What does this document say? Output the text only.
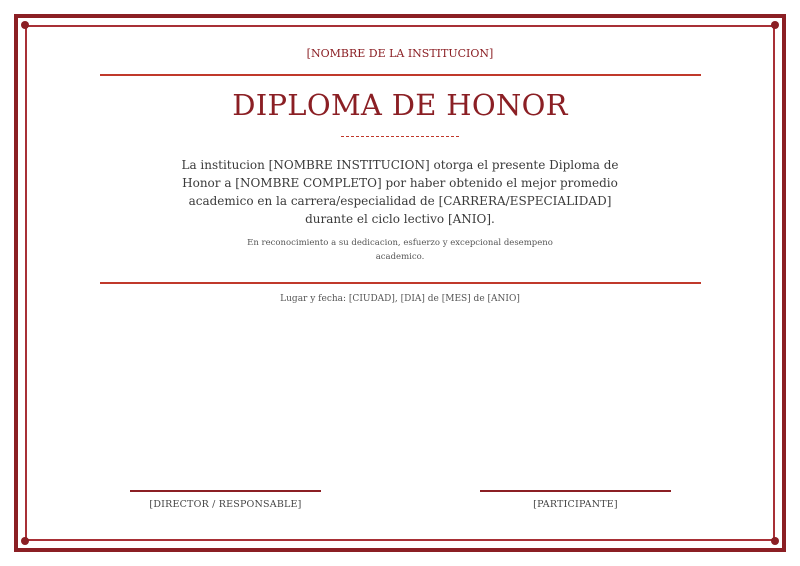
[NOMBRE DE LA INSTITUCION]
DIPLOMA DE HONOR
La institucion [NOMBRE INSTITUCION] otorga el presente Diploma de Honor a [NOMBRE COMPLETO] por haber obtenido el mejor promedio academico en la carrera/especialidad de [CARRERA/ESPECIALIDAD] durante el ciclo lectivo [ANIO].
En reconocimiento a su dedicacion, esfuerzo y excepcional desempeno academico.
Lugar y fecha: [CIUDAD], [DIA] de [MES] de [ANIO]
[DIRECTOR / RESPONSABLE]	[PARTICIPANTE]
